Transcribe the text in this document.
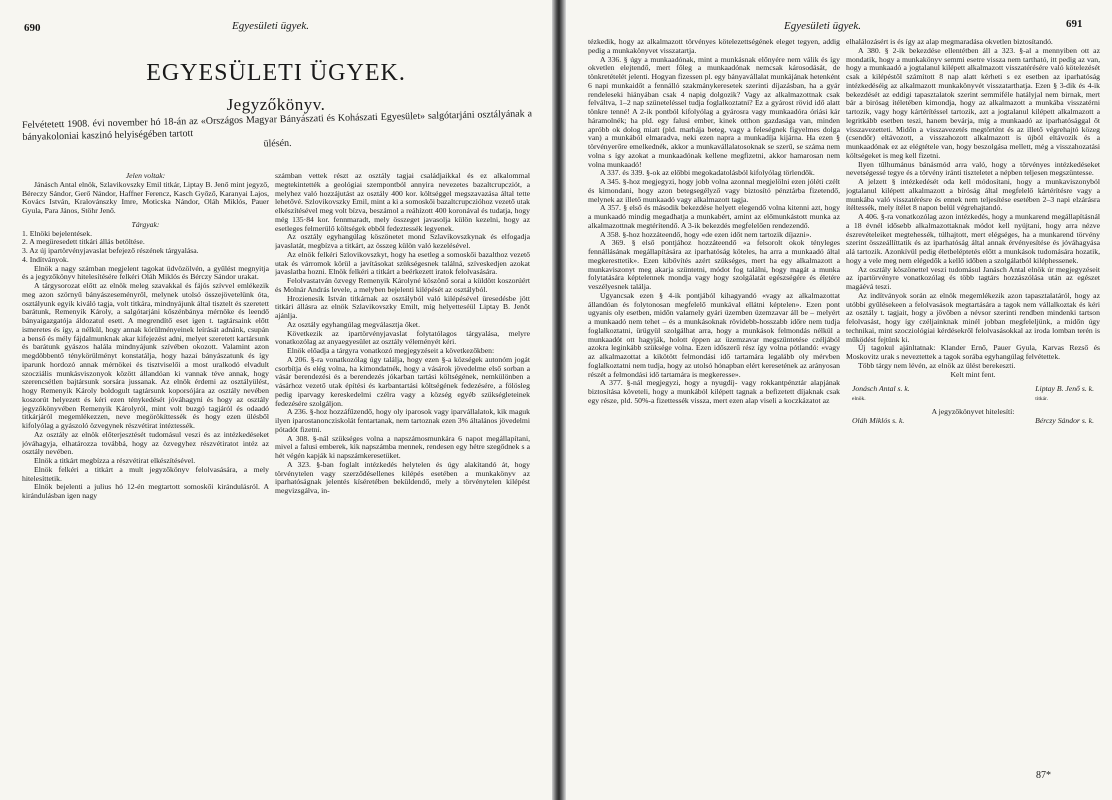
690	Egyesületi ügyek.
EGYESÜLETI ÜGYEK.
Jegyzőkönyv.
Felvétetett 1908. évi november hó 18-án az «Országos Magyar Bányászati és Kohászati Egyesület» salgótarjáni osztályának a bányakoloniai kaszinó helyiségében tartott
ülésén.

Jelen voltak:

Jánásch Antal elnök, Szlavikovszky Emil titkár, Liptay B. Jenő mint jegyző, Béreczy Sándor, Gerő Nándor, Haffner Ferencz, Kasch Győző, Karanyai Lajos, Kovács István, Kralovánszky Imre, Moticska Nándor, Oláh Miklós, Pauer Gyula, Para János, Stöhr Jenő.

Tárgyak:

1. Elnöki bejelentések.

2. A megüresedett titkári állás betöltése.

3. Az új ipartörvényjavaslat befejező részének tárgyalása.

4. Indítványok.

Elnök a nagy számban megjelent tagokat üdvözölvén, a gyűlést megnyitja és a jegyzőkönyv hitelesítésére felkéri Oláh Miklós és Bérczy Sándor urakat.

A tárgysorozat előtt az elnök meleg szavakkal és fájós szívvel emlékezik meg azon szörnyű bányászeseményről, melynek utolsó összejövetelünk óta, osztályunk egyik kiváló tagja, volt titkára, mindnyájunk által tisztelt és szeretett barátunk, Remenyik Károly, a salgótarjáni kőszénbánya mérnöke és leendő bányaigazgatója áldozatul esett. A megrendítő eset igen t. tagtársaink előtt ismeretes és így, a nélkül, hogy annak körülményeinek leírását adnánk, csupán a benső és mély fájdalmunknak akar kifejezést adni, melyet szeretett kartársunk és barátunk gyászos halála mindnyájunk szívében okozott. Valamint azon megdöbbentő ténykörülményt konstatálja, hogy hazai bányászatunk és így iparunk hordozó annak mérnökei és tisztviselői a most uralkodó elvadult szocziális munkásviszonyok között állandóan ki vannak téve annak, hogy szerencsétlen bajtársunk sorsára jussanak. Az elnök érdemi az osztályülést, hogy Remenyik Károly boldogult tagtársunk koporsójára az osztály nevében koszorút helyezett és kéri ezen ténykedését jóváhagyni és hogy az osztály jegyzőkönyvében Remenyik Károlyról, mint volt buzgó tagjáról és odaadó titkárjáról megemlékezzen, neve megörökíttessék és hogy ezen ülésből kifolyólag a gyászoló özvegynek részvétirat intéztessék.

Az osztály az elnök előterjesztését tudomásul veszi és az intézkedéseket jóváhagyja, elhatározza továbbá, hogy az özvegyhez részvétiratot intéz az osztály nevében.

Elnök a titkárt megbízza a részvétirat elkészítésével.

Elnök felkéri a titkárt a mult jegyzőkönyv felolvasására, a mely hitelesíttetik.

Elnök bejelenti a julius hó 12-én megtartott somoskői kirándulásról. A kirándulásban igen nagy

számban vettek részt az osztály tagjai családjaikkal és ez alkalommal megtekintették a geológiai szempontból annyira nevezetes bazaltcrupcziót, a melyhez való hozzájutást az osztály 400 kor. költséggel megszavazása által tette lehetővé. Szlovikovszky Emil, mint a ki a somoskői bazaltcrupczióhoz vezető utak elkészítésével meg volt bízva, beszámol a reáhízott 400 koronával és tudatja, hogy még 135·84 kor. fennmaradt, mely összeget javasolja külön kezelni, hogy az esetleges felmerülő költségek ebből fedeztessék legyenek.

Az osztály egyhangúlag köszönetet mond Szlavikovszkynak és elfogadja javaslatát, megbízva a titkárt, az összeg külön való kezelésével.

Az elnök felkéri Szlovikovszkyt, hogy ha esetleg a somoskői bazalthoz vezető utak és várromok körül a javításokat szükségesnek találná, szíveskedjen azokat javaslatba hozni. Elnök felkéri a titkárt a beérkezett iratok felolvasására.

Felolvastatván özvegy Remenyik Károlyné köszönő sorai a küldött koszorúért és Molnár András levele, a melyben bejelenti kilépését az osztályból.

Hrozienesik István titkárnak az osztályból való kilépésével üresedésbe jött titkári állásra az elnök Szlavikovszky Emilt, míg helyetteséül Liptay B. Jenőt ajánlja.

Az osztály egyhangúlag megválasztja őket.

Következik az ipartörvényjavaslat folytatólagos tárgyalása, melyre vonatkozólag az anyaegyesület az osztály véleményét kéri.

Elnök előadja a tárgyra vonatkozó megjegyzéseit a következőkben:

A 206. §-ra vonatkozólag úgy találja, hogy ezen §-a községek autonóm jogát csorbítja és elég volna, ha kimondatnék, hogy a vásárok jövedelme első sorban a vásár berendezési és a berendezés jókarban tartási költségének, nemkülönben a vásárhoz vezető utak építési és karbantartási költségének fedezésére, a fölösleg pedig iparvagy kereskedelmi czélra vagy a község egyéb szükségleteinek fedezésére szolgáljon.

A 236. §-hoz hozzáfűzendő, hogy oly iparosok vagy iparvállalatok, kik maguk ilyen iparostanoncziskolát fentartanak, nem tartoznak ezen 3% általános jövedelmi pótadót fizetni.

A 308. §-nál szükséges volna a napszámosmunkára 6 napot megállapítani, mivel a falusi emberek, kik napszámba mennek, rendesen egy hétre szegődnek s a hét végén kapják ki napszámkeresetüket.

A 323. §-ban foglalt intézkedés helytelen és úgy alakítandó át, hogy törvénytelen vagy szerződésellenes kilépés esetében a munkakönyv az iparhatóságnak jelentés kíséretében beküldendő, mely a törvénytelen kilépést megvizsgálva, in-

Egyesületi ügyek.	691

tézkedik, hogy az alkalmazott törvényes kötelezettségének eleget tegyen, addig pedig a munkakönyvet visszatartja.

A 336. § úgy a munkaadónak, mint a munkásnak előnyére nem válik és így okvetlen elejtendő, mert főleg a munkaadónak nemcsak károsodását, de tönkretételét jelenti. Hogyan fizessen pl. egy bányavállalat munkájának hetenként 6 napi munkaidőt a fennálló szakmánykeresetek szerinti díjazásban, ha a gyár rendeleseki hiányában csak 4 napig dolgozik? Vagy az alkalmazottnak csak felváltva, 1–2 nap szüneteléssel tudja foglalkoztatni? Ez a gyárost rövid idő alatt tönkre tenné! A 2-ik pontból kifolyólag a gyárosra vagy munkaadóra óriási kár háramolnék; ha pld. egy falusi ember, kinek otthon gazdasága van, minden apróbb ok dolog miatt (pld. marhája beteg, vagy a feleségnek figyelmes dolga van) a munkából elmaradva, neki ezen napra a munkadíja kijárna. Ha ezen § törvényerőre emelkednék, akkor a munkavállalatosoknak se szerű, se száma nem volna s így azokat a munkaadónak kellene megfizetni, akkor hamarosan nem volna munkaadó!

A 337. és 339. §-ok az előbbi megokadatolásból kifolyólag törlendők.

A 345. §-hoz megjegyzi, hogy jobb volna azonnal megjelölni ezen jóléti czélt és kimondani, hogy azon betegsegélyző vagy biztosító pénztárba fizetendő, melynek az illető munkaadó vagy alkalmazott tagja.

A 357. § első és második bekezdése helyett elegendő volna kitenni azt, hogy a munkaadó mindig megadhatja a munkabért, amint az előmunkástott munka az alkalmazottnak megtérítendő. A 3-ik bekezdés megfelelően rendezendő.

A 358. §-hoz hozzáteendő, hogy «de ezen időt nem tartozik díjazni».

A 369. § első pontjához hozzáteendő «a felsorolt okok tényleges fennállásának megállapítására az iparhatóság köteles, ha arra a munkaadó által megkeresttetik». Ezen kibővítés azért szükséges, mert ha egy alkalmazott a munkaviszonyt meg akarja szüntetni, módot fog találni, hogy magát a munka folytatására képtelennek mondja vagy hogy szolgálatát egészségére és életére veszélyesnek találja.

Ugyancsak ezen § 4-ik pontjából kihagyandó «vagy az alkalmazottat állandóan és folytonosan megfelelő munkával ellátni képtelen». Ezen pont ugyanis oly esetben, midőn valamely gyári üzemben üzemzavar áll be – melyért a munkaadó nem tehet – és a munkásoknak rövidebb-hosszabb időre nem tudja foglalkoztatni, ürügyül szolgálhat arra, hogy a munkások felmondás nélkül a munkaadót ott hagyják, holott éppen az üzemzavar megszüntetése czéljából azokra leginkább szüksége volna. Ezen időszerű rész így volna pótlandó: «vagy az alkalmazottat a kikötött felmondási idő tartamára legalább oly mérvben foglalkoztatni nem tudja, hogy az utolsó hónapban elért keresetének az arányosan részét a felmondási idő tartamára is megkeresse».

A 377. §-nál megjegyzi, hogy a nyugdíj- vagy rokkantpénztár alapjának biztosítása követeli, hogy a munkából kilépett tagnak a befizetett díjaknak csak egy része, pld. 50%-a fizettessék vissza, mert ezen alap viseli a koczkázatot az

elhalálozásért is és így az alap megmaradása okvetlen biztosítandó.

A 380. § 2-ik bekezdése ellentétben áll a 323. §-al a mennyiben ott az mondatik, hogy a munkakönyv semmi esetre vissza nem tartható, itt pedig az van, hogy a munkaadó a jogtalanul kilépett alkalmazott visszatérésére való kötelezését csak a kilépéstől számított 8 nap alatt kérheti s ez esetben az iparhatóság intézkedéséig az alkalmazott munkakönyvét visszatarthatja. Ezen § 3-dik és 4-ik bekezdését az eddigi tapasztalatok szerint semmiféle hatályjal nem birnak, mert bár a birósag ítéletében kimondja, hogy az alkalmazott a munkába visszatérni tartozik, vagy hogy kártérítéssel tartozik, azt a jogtalanul kilépett alkalmazott a legritkább esetben teszi, hanem bevárja, míg a munkaadó az iparhatósággal őt visszavezetteti. Midőn a visszavezetés megtörtént és az illető végrehajtó közeg (csendőr) eltávozott, a visszahozott alkalmazott is újból eltávozik és a munkaadónak ez az elégtétele van, hogy beszolgása mellett, még a visszahozatási költségeket is meg kell fizetni.

Ilyen tűlhumánus bánásmód arra való, hogy a törvényes intézkedéseket nevetségessé tegye és a törvény iránti tiszteletet a népben teljesen megszüntesse.

A jelzett § intézkedését oda kell módosítani, hogy a munkaviszonyból jogtalanul kilépett alkalmazott a bíróság által megfelelő kártérítésre vagy a munkába való visszatérésre és ennek nem teljesítése esetében 2–3 napi elzárásra ítéltessék, mely ítélet 8 napon belül végrehajtandó.

A 406. §-ra vonatkozólag azon intézkedés, hogy a munkarend megállapításnál a 18 évnél idősebb alkalmazottaknak módot kell nyújtani, hogy arra nézve észrevételeiket megtehessék, túlhajtott, mert elégséges, ha a munkarend törvény szerint összeállíttatik és az iparhatóság által annak érvényesítése és jóváhagyása alá tartozik. Azonkívül pedig életbeléptetés előtt a munkások tudomására hozatik, hogy a vele meg nem elégedők a kellő időben a szolgálatból kiléphessenek.

Az osztály köszönettel veszi tudomásul Janásch Antal elnök úr megjegyzéseit az ipartörvényre vonatkozólag és több tagtárs hozzászólása után az egészet magáévá teszi.

Az indítványok során az elnök megemlékezik azon tapasztalatáról, hogy az utóbbi gyűlésekeen a felolvasások megtartására a tagok nem vállalkoztak és kéri az osztály t. tagjait, hogy a jövőben a névsor szerinti rendben mindenki tartson felolvasást, hogy így czéljainknak minél jobban megfeleljünk, a midőn úgy technikai, mint szocziológiai kérdésekről felolvasásokkal az iroda lomban terén is működést fejtünk ki.

Új tagokul ajánltatnak: Klander Ernő, Pauer Gyula, Karvas Rezső és Moskovitz urak s neveztettek a tagok sorába egyhangúlag felvétettek.

Több tárgy nem lévén, az elnök az ülést berekeszti.

Kelt mint fent.

Jonásch Antal s. k.
elnök.
Liptay B. Jenő s. k.
titkár.
A jegyzőkönyvet hitelesítí:
Oláh Miklós s. k.	Bérczy Sándor s. k.
87*
